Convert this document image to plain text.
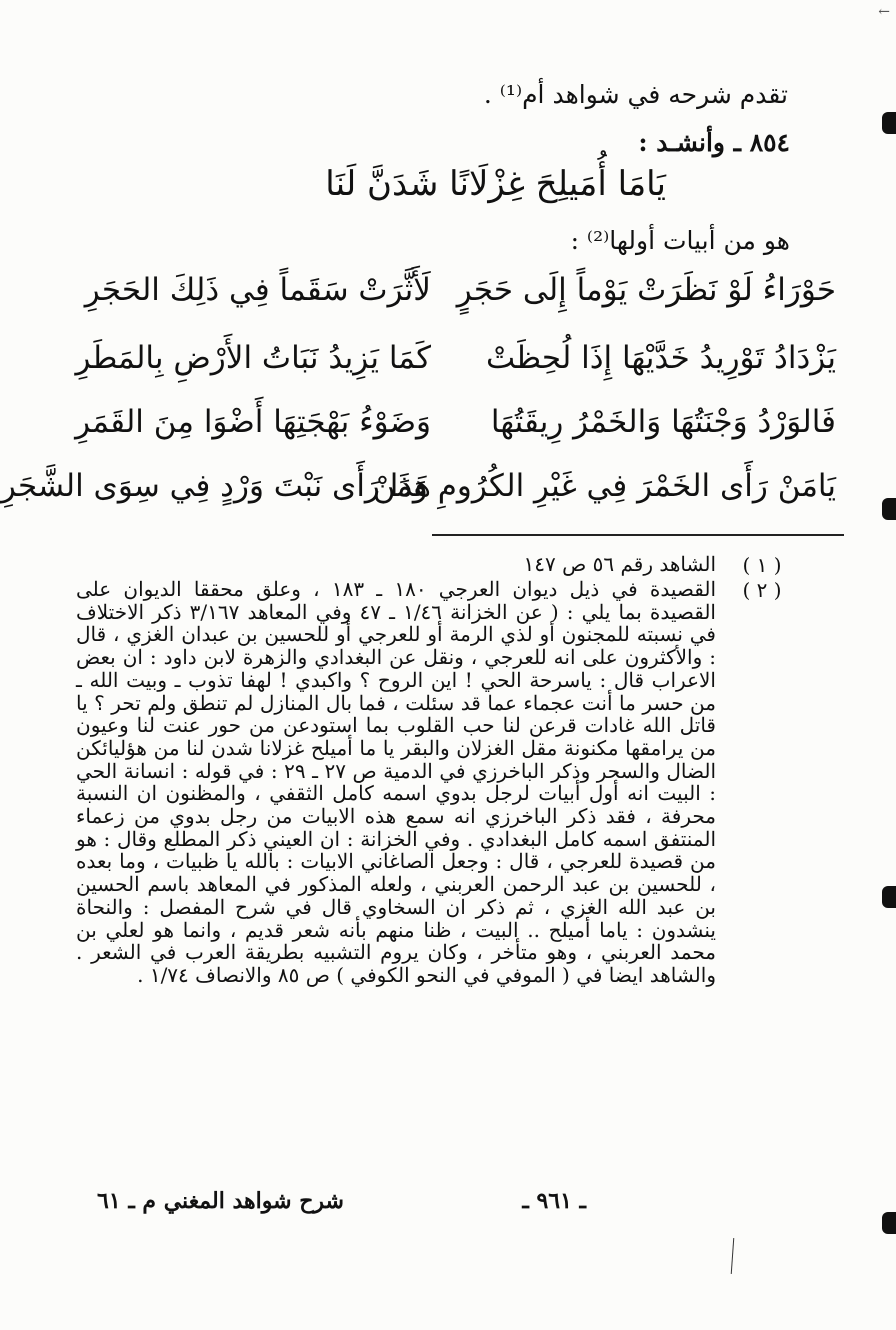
←
تقدم شرحه في شواهد أم⁽¹⁾ .
٨٥٤ ـ وأنشـد :
يَامَا أُمَيلِحَ غِزْلَانًا شَدَنَّ لَنَا
هو من أبيات أولها⁽²⁾ :
حَوْرَاءُ لَوْ نَظَرَتْ يَوْماً إِلَى حَجَرٍ
لَأَثَّرَتْ سَقَماً فِي ذَلِكَ الحَجَرِ
يَزْدَادُ تَوْرِيدُ خَدَّيْهَا إِذَا لُحِظَتْ
كَمَا يَزِيدُ نَبَاتُ الأَرْضِ بِالمَطَرِ
فَالوَرْدُ وَجْنَتُهَا وَالخَمْرُ رِيقَتُهَا
وَضَوْءُ بَهْجَتِهَا أَضْوَا مِنَ القَمَرِ
يَامَنْ رَأَى الخَمْرَ فِي غَيْرِ الكُرُومِ وَمَنْ
هَذَا رَأَى نَبْتَ وَرْدٍ فِي سِوَى الشَّجَرِ
( ١ )
الشاهد رقم ٥٦ ص ١٤٧
( ٢ )
القصيدة في ذيل ديوان العرجي ١٨٠ ـ ١٨٣ ، وعلق محققا الديوان على القصيدة بما يلي : ( عن الخزانة ١/٤٦ ـ ٤٧ وفي المعاهد ٣/١٦٧ ذكر الاختلاف في نسبته للمجنون أو لذي الرمة أو للعرجي أو للحسين بن عبدان الغزي ، قال : والأكثرون على انه للعرجي ، ونقل عن البغدادي والزهرة لابن داود : ان بعض الاعراب قال : ياسرحة الحي ! اين الروح ؟ واكبدي ! لهفا تذوب ـ وبيت الله ـ من حسر ما أنت عجماء عما قد سئلت ، فما بال المنازل لم تنطق ولم تحر ؟ يا قاتل الله غادات قرعن لنا حب القلوب بما استودعن من حور عنت لنا وعيون من يرامقها مكنونة مقل الغزلان والبقر يا ما أميلح غزلانا شدن لنا من هؤليائكن الضال والسحر وذكر الباخرزي في الدمية ص ٢٧ ـ ٢٩ : في قوله : انسانة الحي : البيت انه أول أبيات لرجل بدوي اسمه كامل الثقفي ، والمظنون ان النسبة محرفة ، فقد ذكر الباخرزي انه سمع هذه الابيات من رجل بدوي من زعماء المنتفق اسمه كامل البغدادي . وفي الخزانة : ان العيني ذكر المطلع وقال : هو من قصيدة للعرجي ، قال : وجعل الصاغاني الابيات : بالله يا ظبيات ، وما بعده ، للحسين بن عبد الرحمن العربني ، ولعله المذكور في المعاهد باسم الحسين بن عبد الله الغزي ، ثم ذكر ان السخاوي قال في شرح المفصل : والنحاة ينشدون : ياما أميلح .. البيت ، ظنا منهم بأنه شعر قديم ، وانما هو لعلي بن محمد العربني ، وهو متأخر ، وكان يروم التشبيه بطريقة العرب في الشعر . والشاهد ايضا في ( الموفي في النحو الكوفي ) ص ٨٥ والانصاف ١/٧٤ .
ـ ٩٦١ ـ
شرح شواهد المغني م ـ ٦١
